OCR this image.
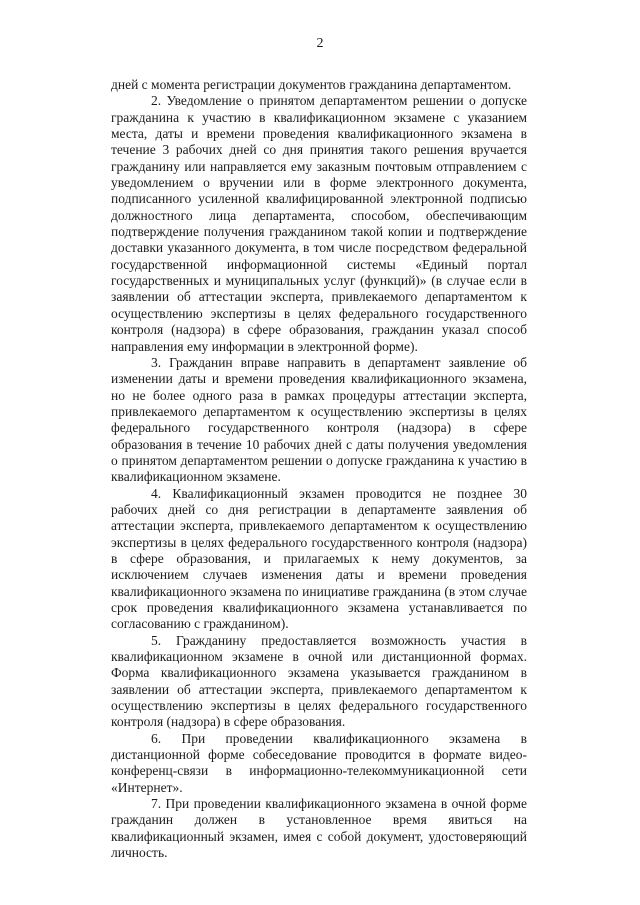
2

дней с момента регистрации документов гражданина департаментом.

2. Уведомление о принятом департаментом решении о допуске гражданина к участию в квалификационном экзамене с указанием места, даты и времени проведения квалификационного экзамена в течение 3 рабочих дней со дня принятия такого решения вручается гражданину или направляется ему заказным почтовым отправлением с уведомлением о вручении или в форме электронного документа, подписанного усиленной квалифицированной электронной подписью должностного лица департамента, способом, обеспечивающим подтверждение получения гражданином такой копии и подтверждение доставки указанного документа, в том числе посредством федеральной государственной информационной системы «Единый портал государственных и муниципальных услуг (функций)» (в случае если в заявлении об аттестации эксперта, привлекаемого департаментом к осуществлению экспертизы в целях федерального государственного контроля (надзора) в сфере образования, гражданин указал способ направления ему информации в электронной форме).

3. Гражданин вправе направить в департамент заявление об изменении даты и времени проведения квалификационного экзамена, но не более одного раза в рамках процедуры аттестации эксперта, привлекаемого департаментом к осуществлению экспертизы в целях федерального государственного контроля (надзора) в сфере образования в течение 10 рабочих дней с даты получения уведомления о принятом департаментом решении о допуске гражданина к участию в квалификационном экзамене.

4. Квалификационный экзамен проводится не позднее 30 рабочих дней со дня регистрации в департаменте заявления об аттестации эксперта, привлекаемого департаментом к осуществлению экспертизы в целях федерального государственного контроля (надзора) в сфере образования, и прилагаемых к нему документов, за исключением случаев изменения даты и времени проведения квалификационного экзамена по инициативе гражданина (в этом случае срок проведения квалификационного экзамена устанавливается по согласованию с гражданином).

5. Гражданину предоставляется возможность участия в квалификационном экзамене в очной или дистанционной формах. Форма квалификационного экзамена указывается гражданином в заявлении об аттестации эксперта, привлекаемого департаментом к осуществлению экспертизы в целях федерального государственного контроля (надзора) в сфере образования.

6. При проведении квалификационного экзамена в дистанционной форме собеседование проводится в формате видео-конференц-связи в информационно-телекоммуникационной сети «Интернет».

7. При проведении квалификационного экзамена в очной форме гражданин должен в установленное время явиться на квалификационный экзамен, имея с собой документ, удостоверяющий личность.
